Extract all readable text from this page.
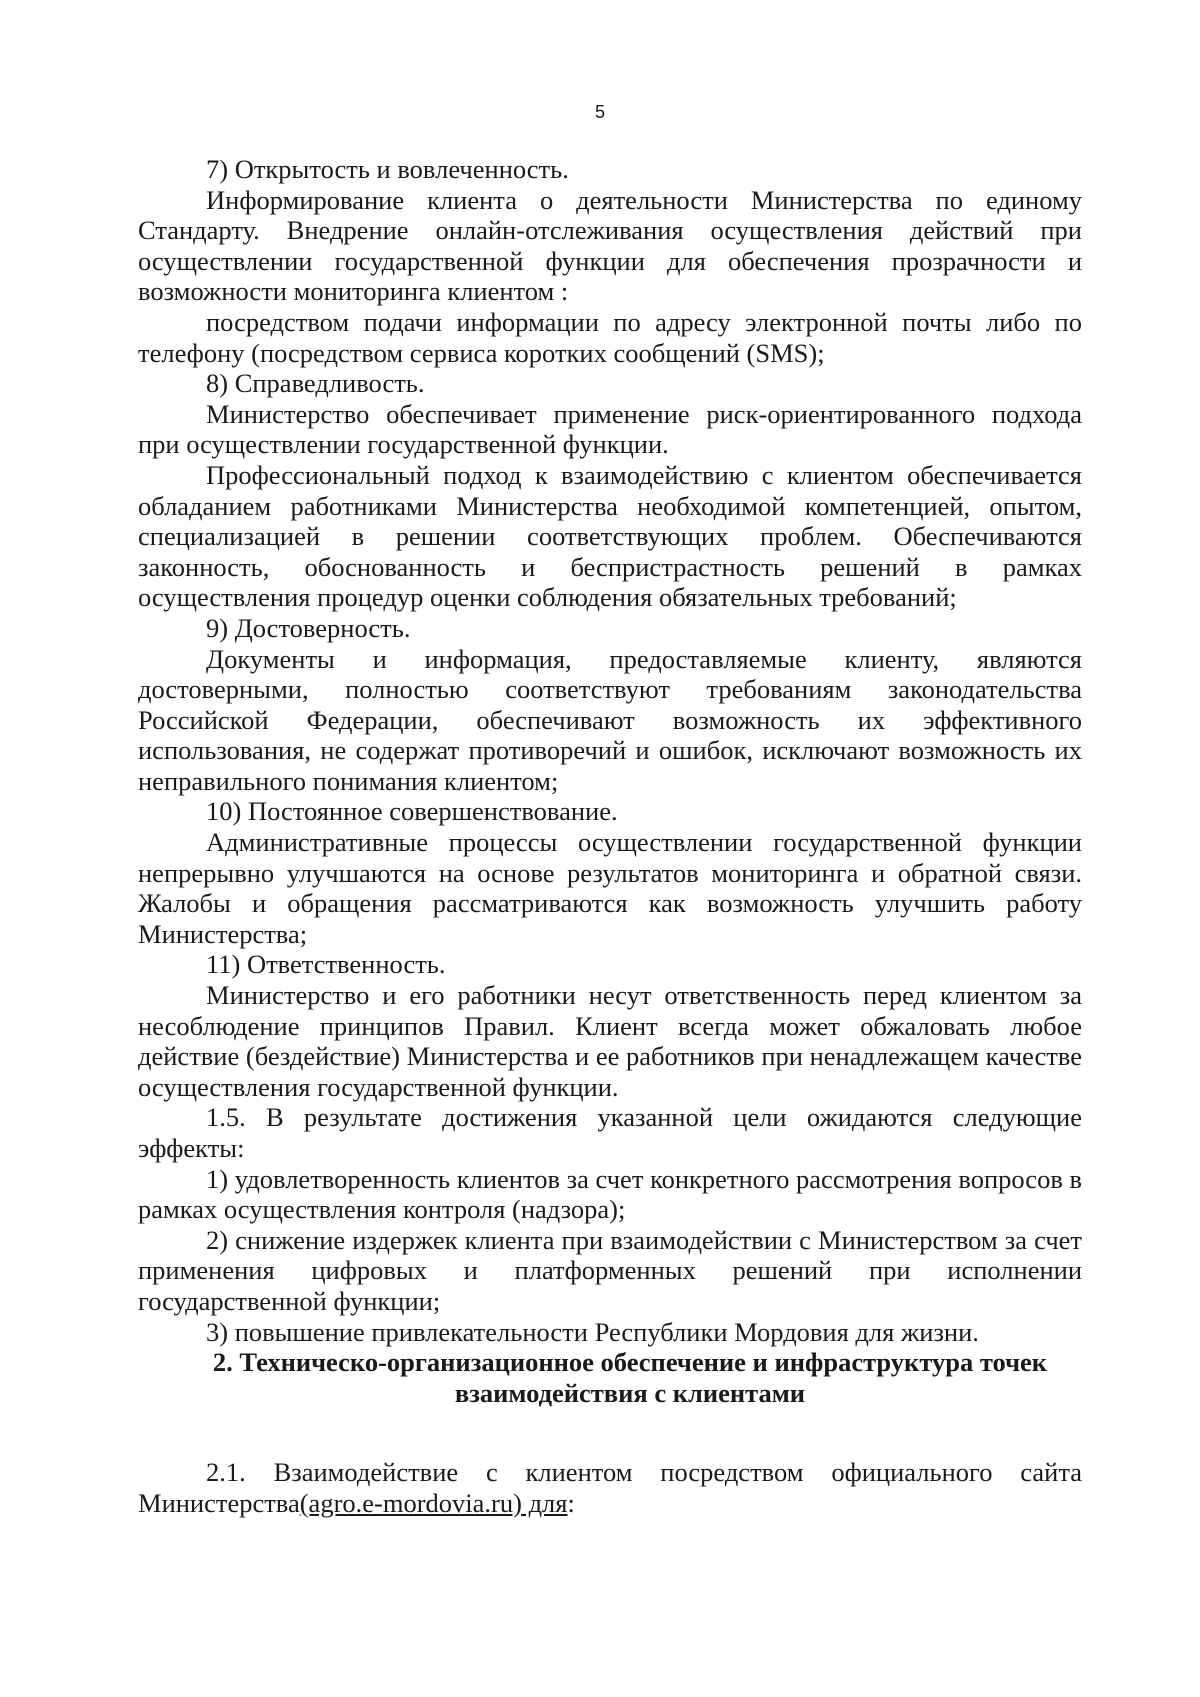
5

7) Открытость и вовлеченность.

Информирование клиента о деятельности Министерства по единому Стандарту. Внедрение онлайн-отслеживания осуществления действий при осуществлении государственной функции для обеспечения прозрачности и возможности мониторинга клиентом :

посредством подачи информации по адресу электронной почты либо по телефону (посредством сервиса коротких сообщений (SMS);

8) Справедливость.

Министерство обеспечивает применение риск-ориентированного подхода при осуществлении государственной функции.

Профессиональный подход к взаимодействию с клиентом обеспечивается обладанием работниками Министерства необходимой компетенцией, опытом, специализацией в решении соответствующих проблем. Обеспечиваются законность, обоснованность и беспристрастность решений в рамках осуществления процедур оценки соблюдения обязательных требований;

9) Достоверность.

Документы и информация, предоставляемые клиенту, являются достоверными, полностью соответствуют требованиям законодательства Российской Федерации, обеспечивают возможность их эффективного использования, не содержат противоречий и ошибок, исключают возможность их неправильного понимания клиентом;

10) Постоянное совершенствование.

Административные процессы осуществлении государственной функции непрерывно улучшаются на основе результатов мониторинга и обратной связи. Жалобы и обращения рассматриваются как возможность улучшить работу Министерства;

11) Ответственность.

Министерство и его работники несут ответственность перед клиентом за несоблюдение принципов Правил. Клиент всегда может обжаловать любое действие (бездействие) Министерства и ее работников при ненадлежащем качестве осуществления государственной функции.

1.5. В результате достижения указанной цели ожидаются следующие эффекты:

1) удовлетворенность клиентов за счет конкретного рассмотрения вопросов в рамках осуществления контроля (надзора);

2) снижение издержек клиента при взаимодействии с Министерством за счет применения цифровых и платформенных решений при исполнении государственной функции;

3) повышение привлекательности Республики Мордовия для жизни.

2. Техническо-организационное обеспечение и инфраструктура точек взаимодействия с клиентами

2.1. Взаимодействие с клиентом посредством официального сайта Министерства(agro.e-mordovia.ru) для:
